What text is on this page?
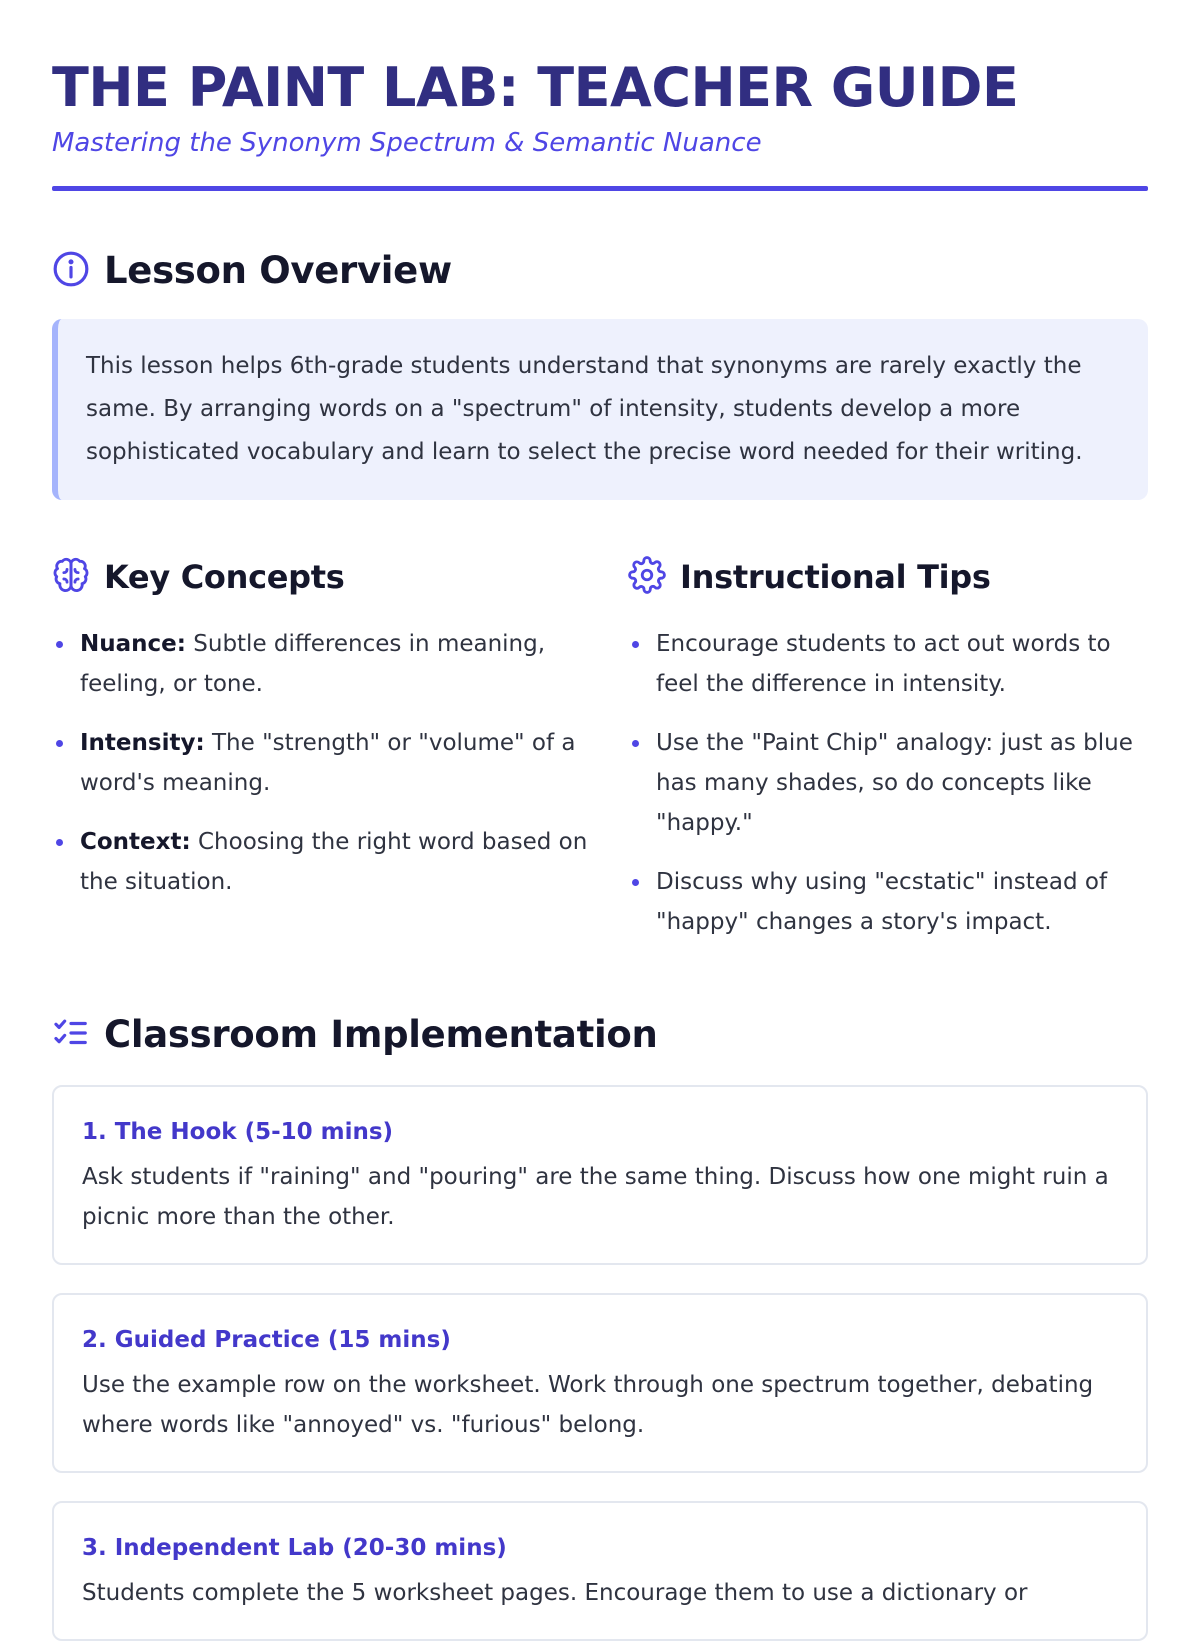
THE PAINT LAB: TEACHER GUIDE
Mastering the Synonym Spectrum & Semantic Nuance
Lesson Overview
This lesson helps 6th-grade students understand that synonyms are rarely exactly the same. By arranging words on a "spectrum" of intensity, students develop a more sophisticated vocabulary and learn to select the precise word needed for their writing.
Key Concepts
Nuance: Subtle differences in meaning, feeling, or tone.
Intensity: The "strength" or "volume" of a word's meaning.
Context: Choosing the right word based on the situation.
Instructional Tips
Encourage students to act out words to feel the difference in intensity.
Use the "Paint Chip" analogy: just as blue has many shades, so do concepts like "happy."
Discuss why using "ecstatic" instead of "happy" changes a story's impact.
Classroom Implementation
1. The Hook (5-10 mins)
Ask students if "raining" and "pouring" are the same thing. Discuss how one might ruin a picnic more than the other.
2. Guided Practice (15 mins)
Use the example row on the worksheet. Work through one spectrum together, debating where words like "annoyed" vs. "furious" belong.
3. Independent Lab (20-30 mins)
Students complete the 5 worksheet pages. Encourage them to use a dictionary or
